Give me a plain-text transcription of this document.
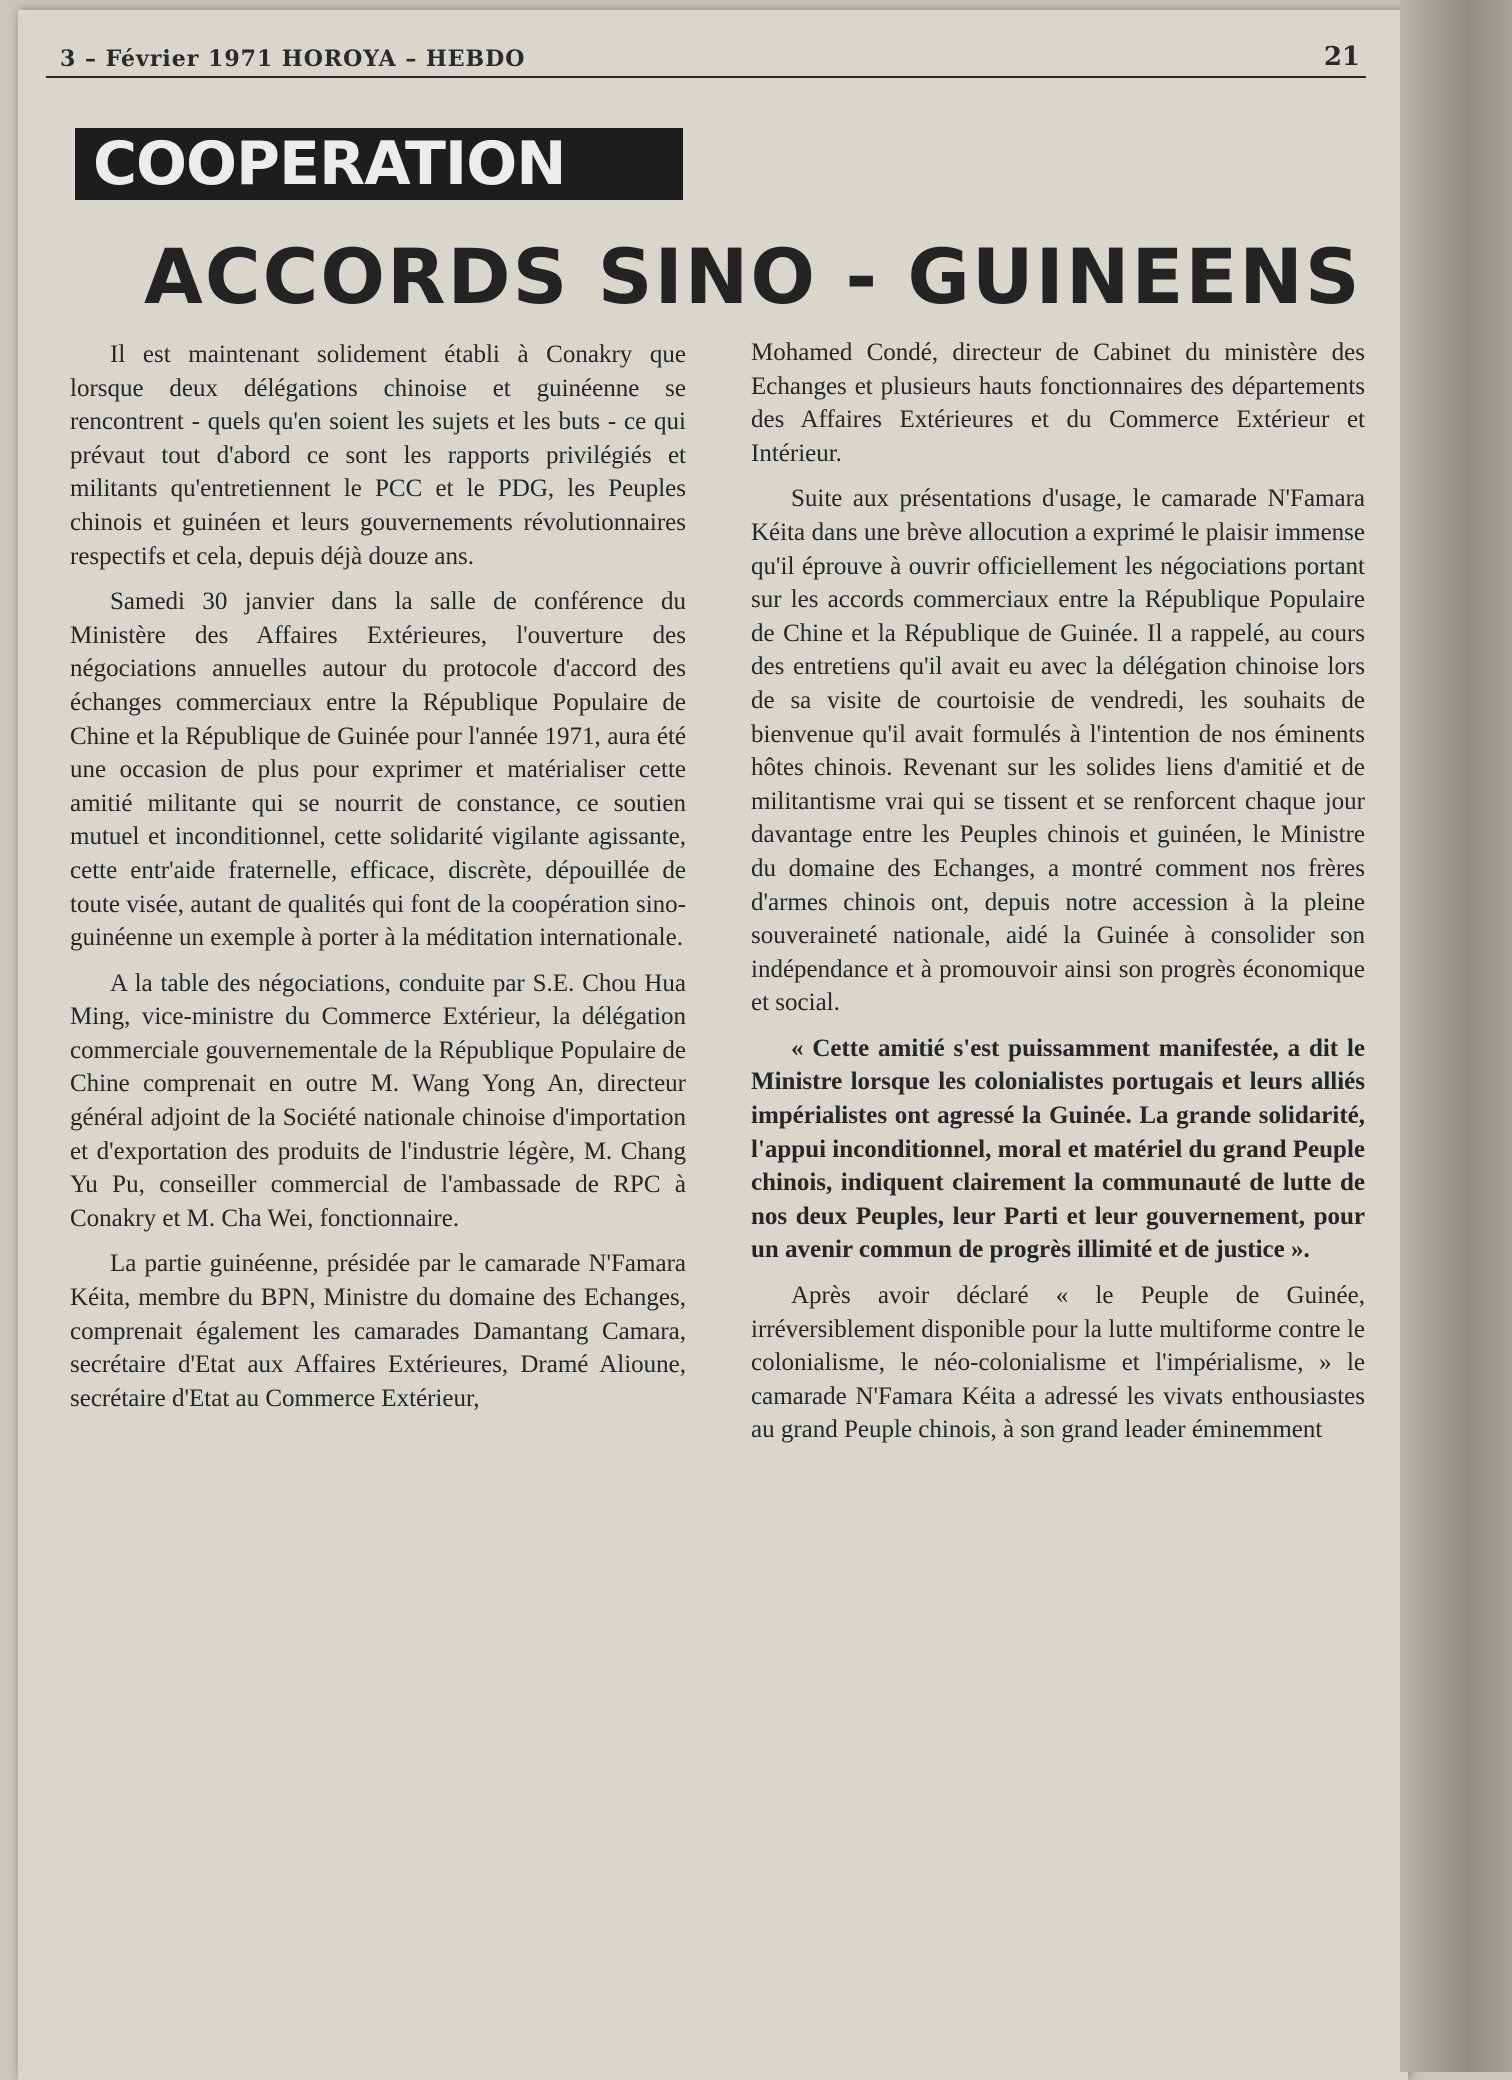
3 – Février 1971 HOROYA – HEBDO	21
COOPERATION
ACCORDS SINO - GUINEENS

Il est maintenant solidement établi à Conakry que lorsque deux délégations chinoise et guinéenne se rencontrent - quels qu'en soient les sujets et les buts - ce qui prévaut tout d'abord ce sont les rapports privilégiés et militants qu'entretiennent le PCC et le PDG, les Peuples chinois et guinéen et leurs gouvernements révolutionnaires respectifs et cela, depuis déjà douze ans.

Samedi 30 janvier dans la salle de conférence du Ministère des Affaires Extérieures, l'ouverture des négociations annuelles autour du protocole d'accord des échanges commerciaux entre la République Populaire de Chine et la République de Guinée pour l'année 1971, aura été une occasion de plus pour exprimer et matérialiser cette amitié militante qui se nourrit de constance, ce soutien mutuel et inconditionnel, cette solidarité vigilante agissante, cette entr'aide fraternelle, efficace, discrète, dépouillée de toute visée, autant de qualités qui font de la coopération sino-guinéenne un exemple à porter à la méditation internationale.

A la table des négociations, conduite par S.E. Chou Hua Ming, vice-ministre du Commerce Extérieur, la délégation commerciale gouvernementale de la République Populaire de Chine comprenait en outre M. Wang Yong An, directeur général adjoint de la Société nationale chinoise d'importation et d'exportation des produits de l'industrie légère, M. Chang Yu Pu, conseiller commercial de l'ambassade de RPC à Conakry et M. Cha Wei, fonctionnaire.

La partie guinéenne, présidée par le camarade N'Famara Kéita, membre du BPN, Ministre du domaine des Echanges, comprenait également les camarades Damantang Camara, secrétaire d'Etat aux Affaires Extérieures, Dramé Alioune, secrétaire d'Etat au Commerce Extérieur,

Mohamed Condé, directeur de Cabinet du ministère des Echanges et plusieurs hauts fonctionnaires des départements des Affaires Extérieures et du Commerce Extérieur et Intérieur.

Suite aux présentations d'usage, le camarade N'Famara Kéita dans une brève allocution a exprimé le plaisir immense qu'il éprouve à ouvrir officiellement les négociations portant sur les accords commerciaux entre la République Populaire de Chine et la République de Guinée. Il a rappelé, au cours des entretiens qu'il avait eu avec la délégation chinoise lors de sa visite de courtoisie de vendredi, les souhaits de bienvenue qu'il avait formulés à l'intention de nos éminents hôtes chinois. Revenant sur les solides liens d'amitié et de militantisme vrai qui se tissent et se renforcent chaque jour davantage entre les Peuples chinois et guinéen, le Ministre du domaine des Echanges, a montré comment nos frères d'armes chinois ont, depuis notre accession à la pleine souveraineté nationale, aidé la Guinée à consolider son indépendance et à promouvoir ainsi son progrès économique et social.

« Cette amitié s'est puissamment manifestée, a dit le Ministre lorsque les colonialistes portugais et leurs alliés impérialistes ont agressé la Guinée. La grande solidarité, l'appui inconditionnel, moral et matériel du grand Peuple chinois, indiquent clairement la communauté de lutte de nos deux Peuples, leur Parti et leur gouvernement, pour un avenir commun de progrès illimité et de justice ».

Après avoir déclaré « le Peuple de Guinée, irréversiblement disponible pour la lutte multiforme contre le colonialisme, le néo-colonialisme et l'impérialisme, » le camarade N'Famara Kéita a adressé les vivats enthousiastes au grand Peuple chinois, à son grand leader éminemment
